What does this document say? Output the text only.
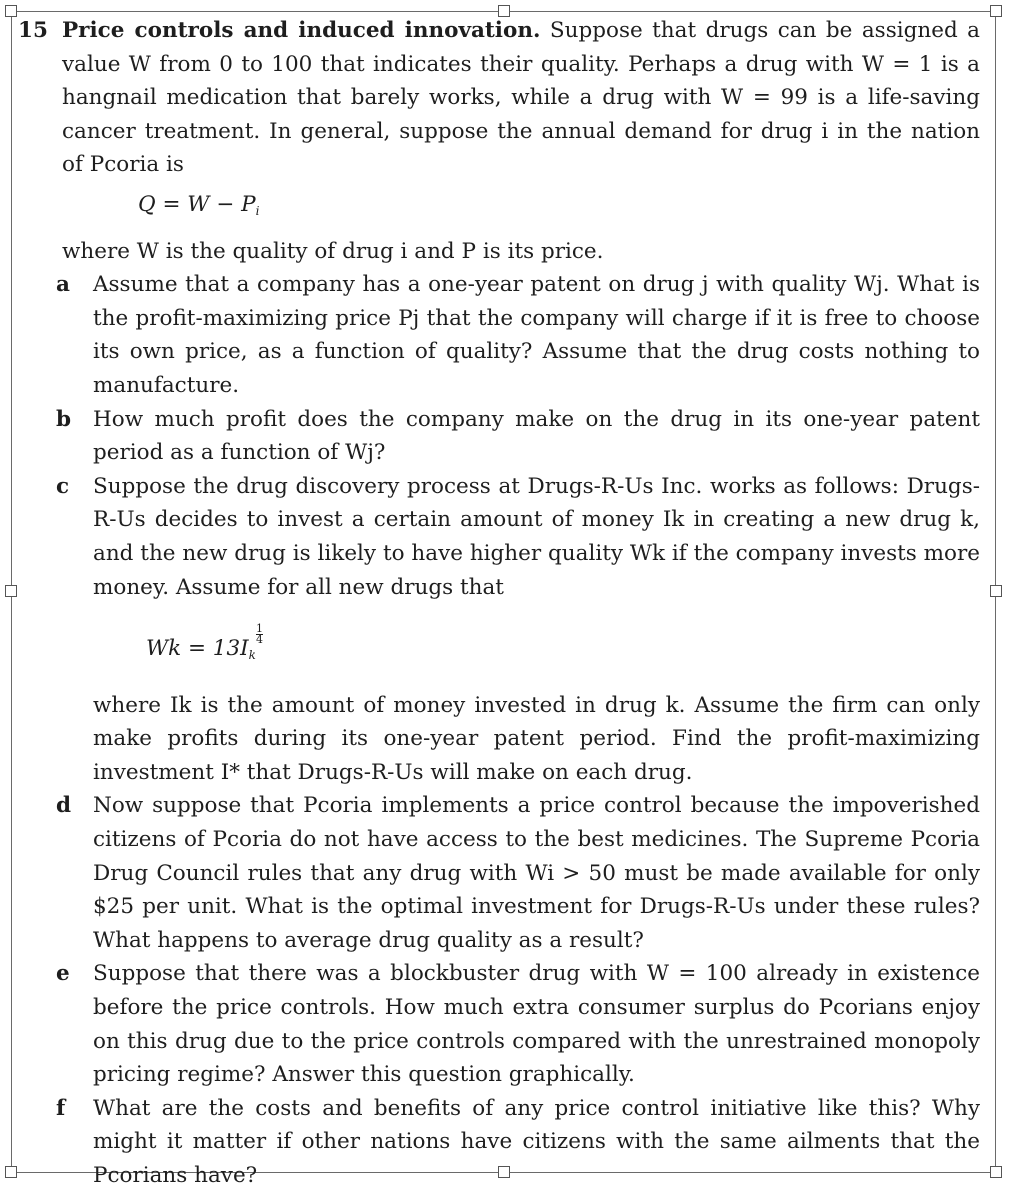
15 Price controls and induced innovation. Suppose that drugs can be assigned a value W from 0 to 100 that indicates their quality. Perhaps a drug with W = 1 is a hangnail medication that barely works, while a drug with W = 99 is a life-saving cancer treatment. In general, suppose the annual demand for drug i in the nation of Pcoria is

$Q = W - P_i$

where W is the quality of drug i and P is its price.

a Assume that a company has a one-year patent on drug j with quality Wj. What is the profit-maximizing price Pj that the company will charge if it is free to choose its own price, as a function of quality? Assume that the drug costs nothing to manufacture.

b How much profit does the company make on the drug in its one-year patent period as a function of Wj?

c Suppose the drug discovery process at Drugs-R-Us Inc. works as follows: Drugs-R-Us decides to invest a certain amount of money Ik in creating a new drug k, and the new drug is likely to have higher quality Wk if the company invests more money. Assume for all new drugs that

$Wk = 13I_k$
$\frac{1}{4}$

where Ik is the amount of money invested in drug k. Assume the firm can only make profits during its one-year patent period. Find the profit-maximizing investment I* that Drugs-R-Us will make on each drug.

d Now suppose that Pcoria implements a price control because the impoverished citizens of Pcoria do not have access to the best medicines. The Supreme Pcoria Drug Council rules that any drug with Wi > 50 must be made available for only $25 per unit. What is the optimal investment for Drugs-R-Us under these rules? What happens to average drug quality as a result?

e Suppose that there was a blockbuster drug with W = 100 already in existence before the price controls. How much extra consumer surplus do Pcorians enjoy on this drug due to the price controls compared with the unrestrained monopoly pricing regime? Answer this question graphically.

f What are the costs and benefits of any price control initiative like this? Why might it matter if other nations have citizens with the same ailments that the Pcorians have?
